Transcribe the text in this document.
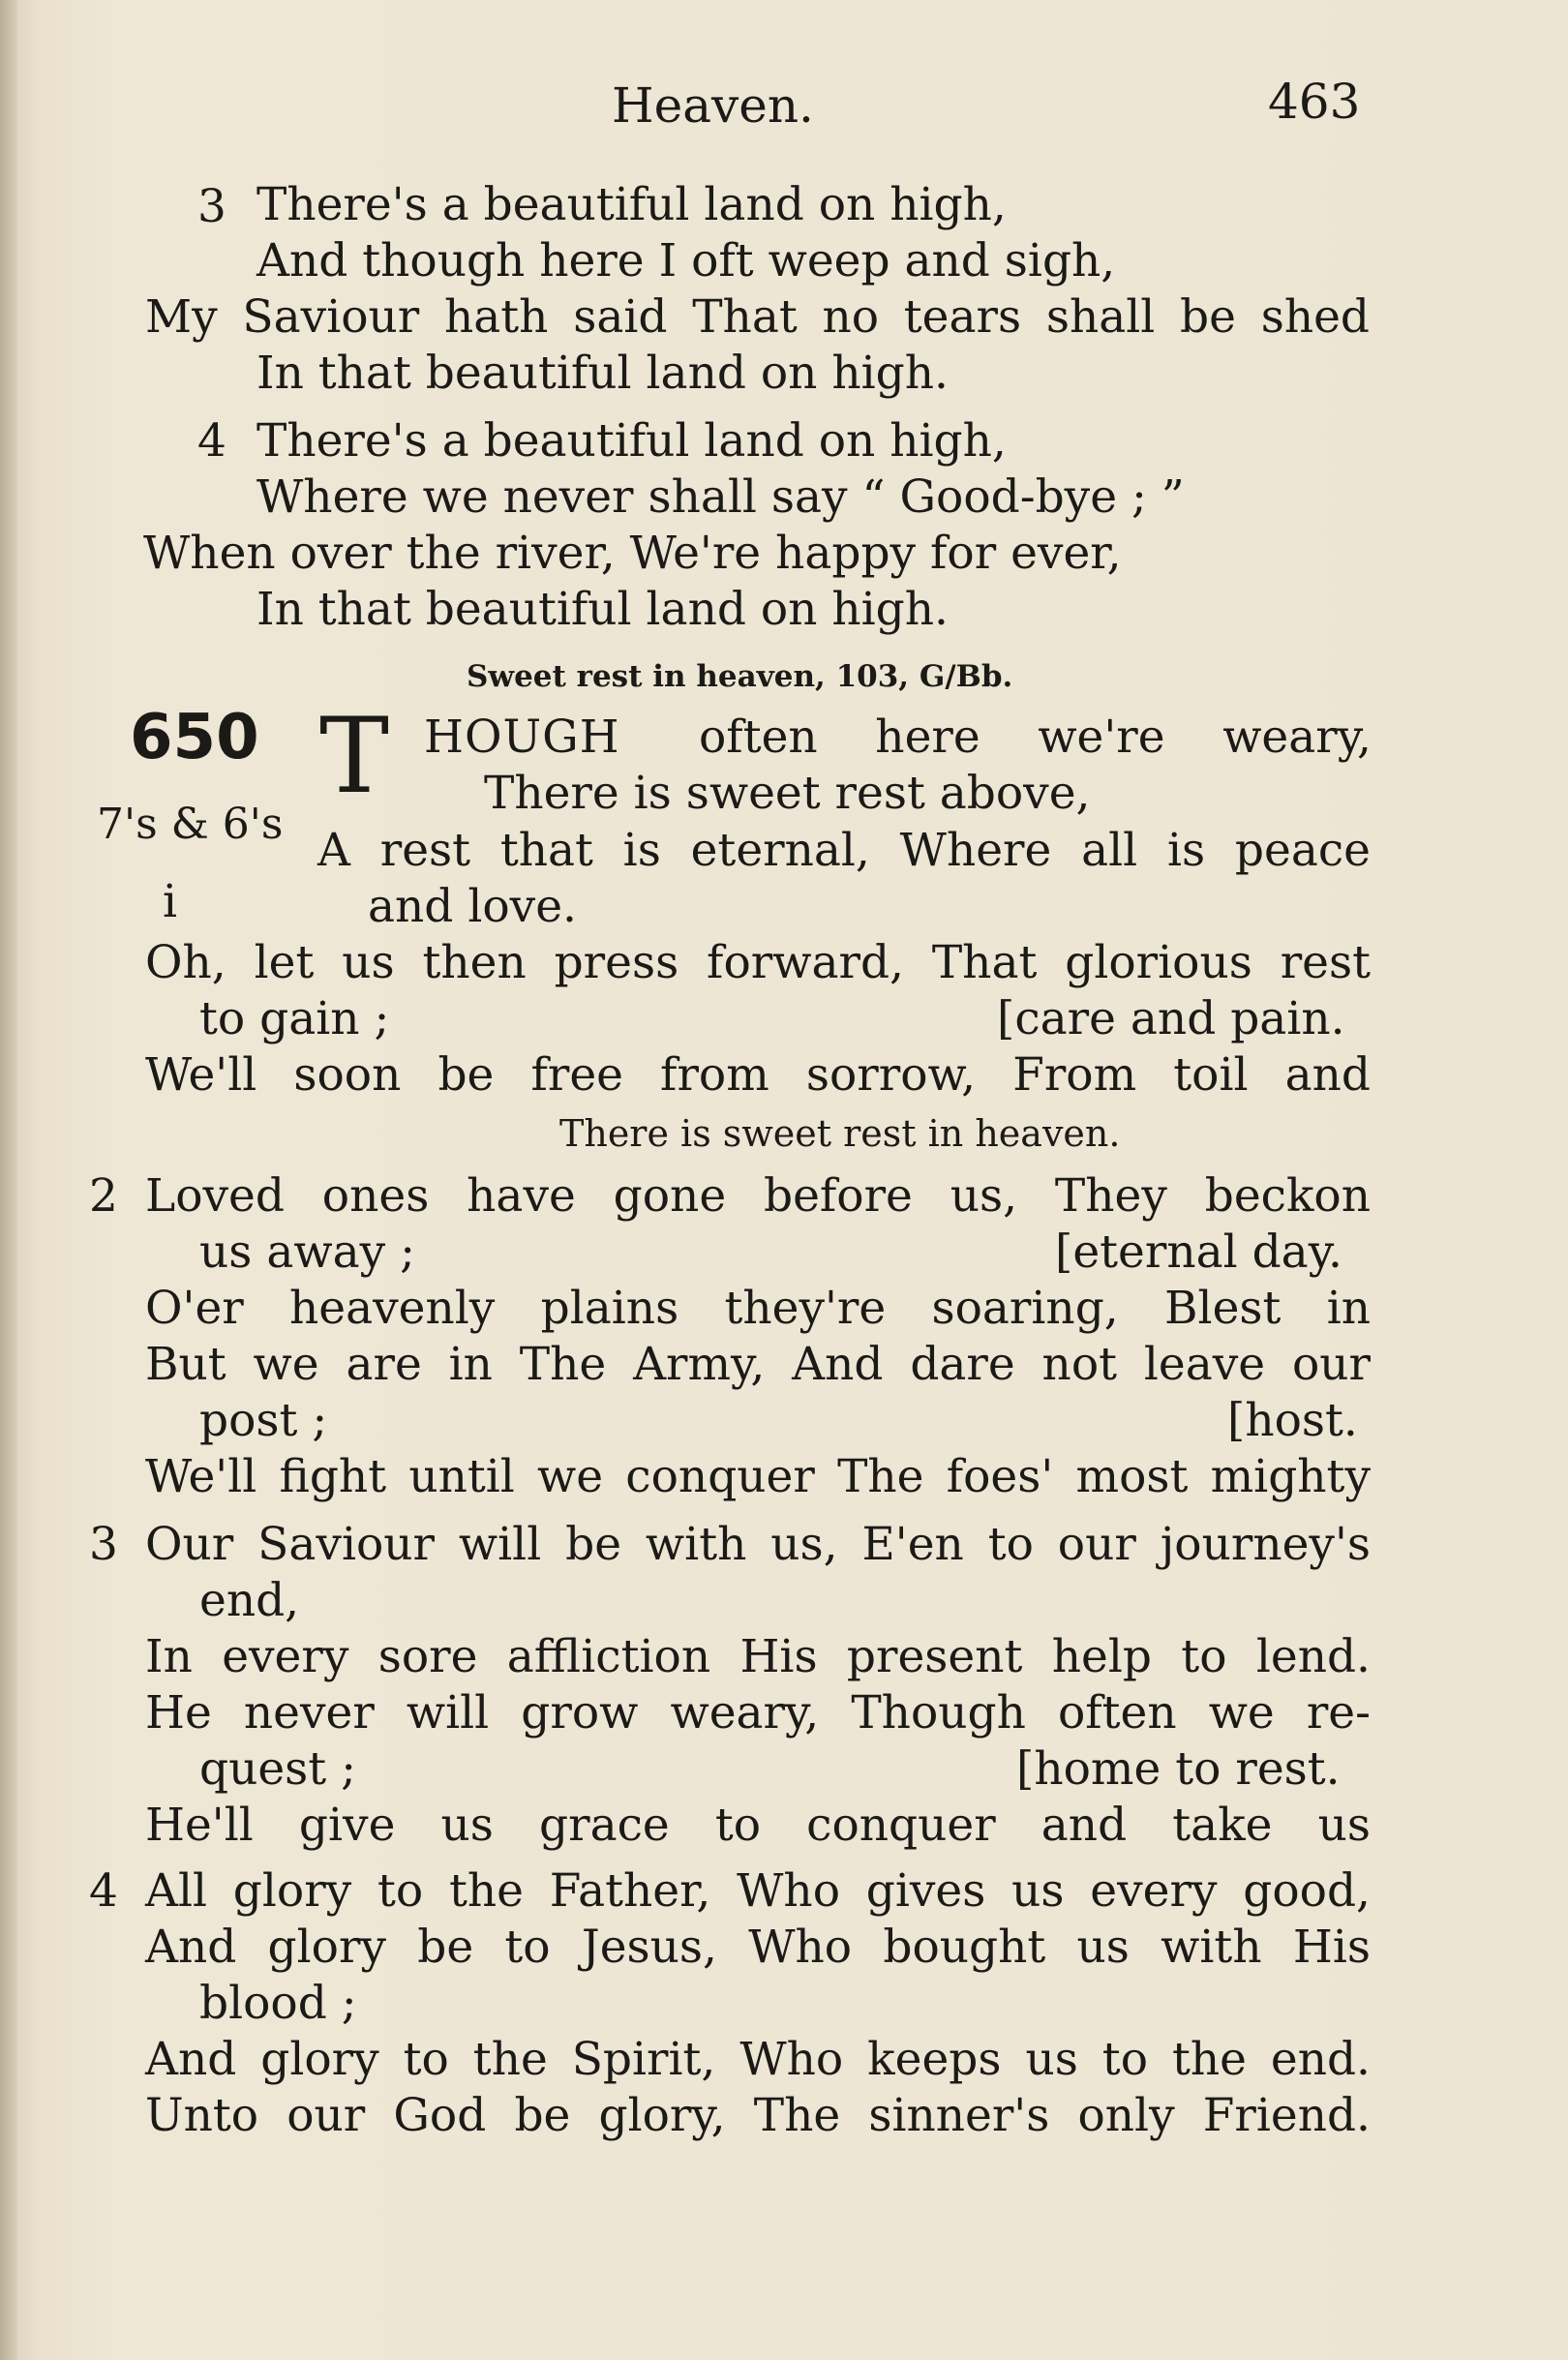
Heaven.	463
3 There's a beautiful land on high,
And though here I oft weep and sigh,
My Saviour hath said That no tears shall be shed
In that beautiful land on high.
4 There's a beautiful land on high,
Where we never shall say “ Good-bye ; ”
When over the river, We're happy for ever,
In that beautiful land on high.
Sweet rest in heaven, 103, G/Bb.
650
7's & 6's
i
T HOUGH often here we're weary,
There is sweet rest above,
A rest that is eternal, Where all is peace
and love.
Oh, let us then press forward, That glorious rest
to gain ;	[care and pain.
We'll soon be free from sorrow, From toil and
There is sweet rest in heaven.
2 Loved ones have gone before us, They beckon
us away ;	[eternal day.
O'er heavenly plains they're soaring, Blest in
But we are in The Army, And dare not leave our
post ;	[host.
We'll fight until we conquer The foes' most mighty
3 Our Saviour will be with us, E'en to our journey's
end,
In every sore affliction His present help to lend.
He never will grow weary, Though often we re-
quest ;	[home to rest.
He'll give us grace to conquer and take us
4 All glory to the Father, Who gives us every good,
And glory be to Jesus, Who bought us with His
blood ;
And glory to the Spirit, Who keeps us to the end.
Unto our God be glory, The sinner's only Friend.
